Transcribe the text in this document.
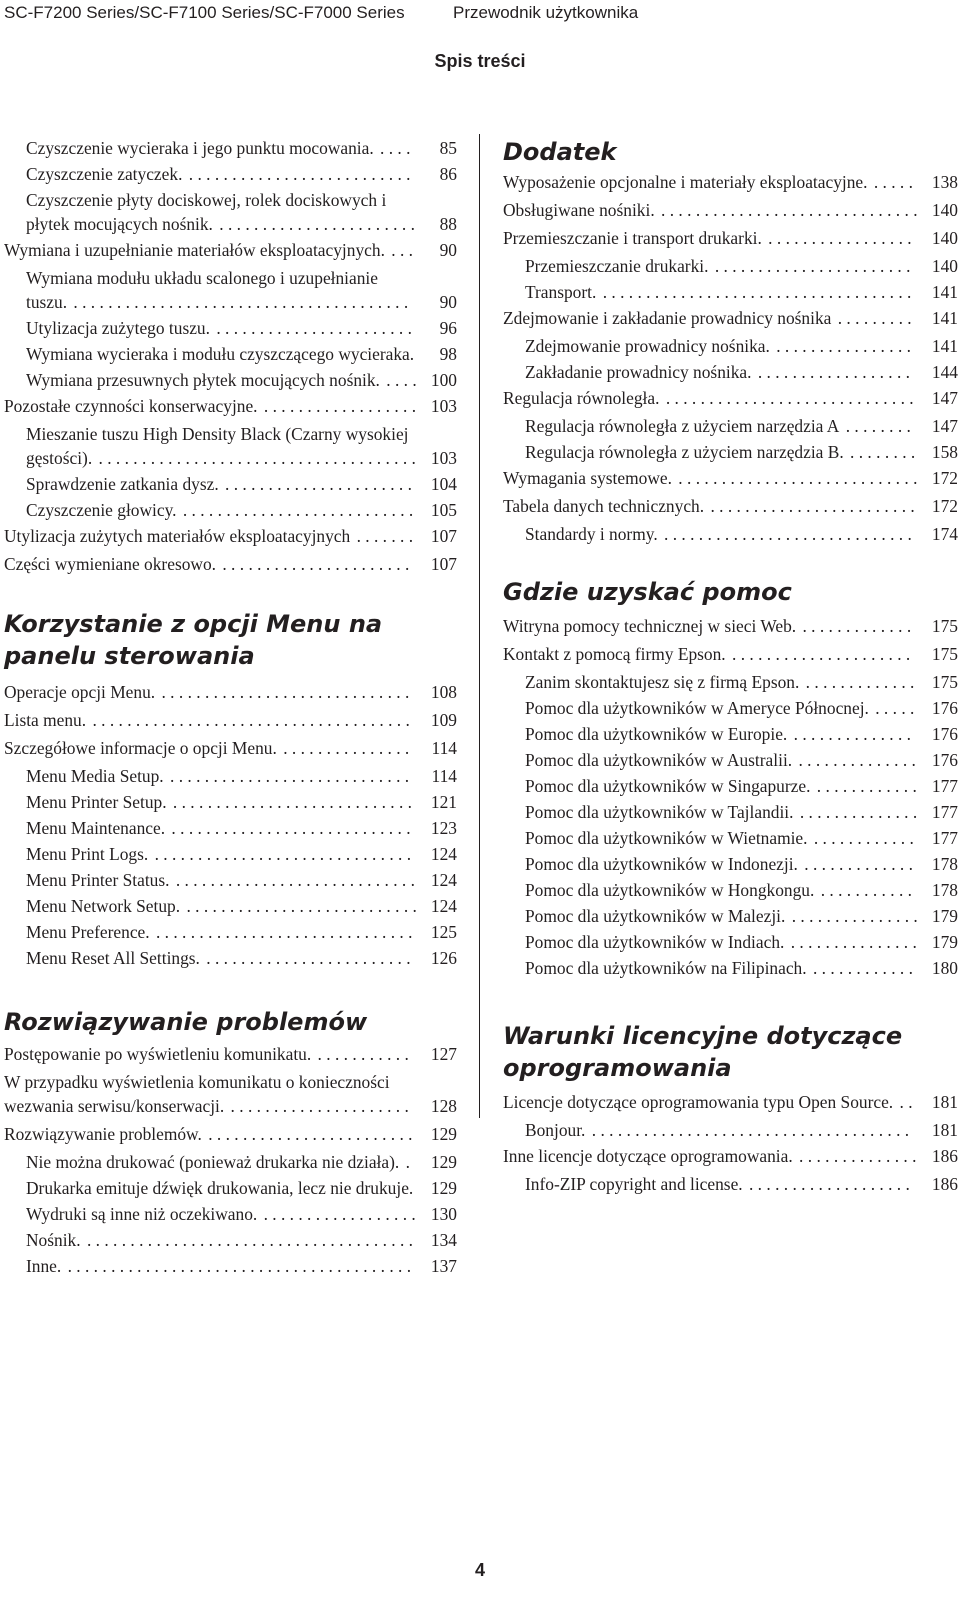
SC-F7200 Series/SC-F7100 Series/SC-F7000 Series	Przewodnik użytkownika
Spis treści
Czyszczenie wycieraka i jego punktu mocowania. . . . .	85
Czyszczenie zatyczek. . . . . . . . . . . . . . . . . . . . . . . . . . .	86
Czyszczenie płyty dociskowej, rolek dociskowych i płytek mocujących nośnik. . . . . . . . . . . . . . . . . . . . . . . .	88
Wymiana i uzupełnianie materiałów eksploatacyjnych. . . .	90
Wymiana modułu układu scalonego i uzupełnianie tuszu. . . . . . . . . . . . . . . . . . . . . . . . . . . . . . . . . . . . . . . .	90
Utylizacja zużytego tuszu. . . . . . . . . . . . . . . . . . . . . . . .	96
Wymiana wycieraka i modułu czyszczącego wycieraka.	98
Wymiana przesuwnych płytek mocujących nośnik. . . . . 100
Pozostałe czynności konserwacyjne. . . . . . . . . . . . . . . . . . . 103
Mieszanie tuszu High Density Black (Czarny wysokiej gęstości). . . . . . . . . . . . . . . . . . . . . . . . . . . . . . . . . . . . . . 103
Sprawdzenie zatkania dysz. . . . . . . . . . . . . . . . . . . . . . .	104
Czyszczenie głowicy. . . . . . . . . . . . . . . . . . . . . . . . . . . .	105
Utylizacja zużytych materiałów eksploatacyjnych . . . . . . .	107
Części wymieniane okresowo. . . . . . . . . . . . . . . . . . . . . . .	107
Korzystanie z opcji Menu na panelu sterowania
Operacje opcji Menu. . . . . . . . . . . . . . . . . . . . . . . . . . . . . .	108
Lista menu. . . . . . . . . . . . . . . . . . . . . . . . . . . . . . . . . . . . . .	109
Szczegółowe informacje o opcji Menu. . . . . . . . . . . . . . . .	114
Menu Media Setup. . . . . . . . . . . . . . . . . . . . . . . . . . . . .	114
Menu Printer Setup. . . . . . . . . . . . . . . . . . . . . . . . . . . . .	121
Menu Maintenance. . . . . . . . . . . . . . . . . . . . . . . . . . . . .	123
Menu Print Logs. . . . . . . . . . . . . . . . . . . . . . . . . . . . . . .	124
Menu Printer Status. . . . . . . . . . . . . . . . . . . . . . . . . . . . . 124
Menu Network Setup. . . . . . . . . . . . . . . . . . . . . . . . . . . . 124
Menu Preference. . . . . . . . . . . . . . . . . . . . . . . . . . . . . . .	125
Menu Reset All Settings. . . . . . . . . . . . . . . . . . . . . . . . .	126
Rozwiązywanie problemów
Postępowanie po wyświetleniu komunikatu. . . . . . . . . . . .	127
W przypadku wyświetlenia komunikatu o konieczności wezwania serwisu/konserwacji. . . . . . . . . . . . . . . . . . . . . .	128
Rozwiązywanie problemów. . . . . . . . . . . . . . . . . . . . . . . . .	129
Nie można drukować (ponieważ drukarka nie działa). .	129
Drukarka emituje dźwięk drukowania, lecz nie drukuje.	129
Wydruki są inne niż oczekiwano. . . . . . . . . . . . . . . . . . . 130
Nośnik. . . . . . . . . . . . . . . . . . . . . . . . . . . . . . . . . . . . . . .	134
Inne. . . . . . . . . . . . . . . . . . . . . . . . . . . . . . . . . . . . . . . . .	137
Dodatek
Wyposażenie opcjonalne i materiały eksploatacyjne. . . . . .	138
Obsługiwane nośniki. . . . . . . . . . . . . . . . . . . . . . . . . . . . . . . 140
Przemieszczanie i transport drukarki. . . . . . . . . . . . . . . . . .	140
Przemieszczanie drukarki. . . . . . . . . . . . . . . . . . . . . . . .	140
Transport. . . . . . . . . . . . . . . . . . . . . . . . . . . . . . . . . . . . .	141
Zdejmowanie i zakładanie prowadnicy nośnika . . . . . . . . .	141
Zdejmowanie prowadnicy nośnika. . . . . . . . . . . . . . . . .	141
Zakładanie prowadnicy nośnika. . . . . . . . . . . . . . . . . . .	144
Regulacja równoległa. . . . . . . . . . . . . . . . . . . . . . . . . . . . . .	147
Regulacja równoległa z użyciem narzędzia A . . . . . . . .	147
Regulacja równoległa z użyciem narzędzia B. . . . . . . . . 158
Wymagania systemowe. . . . . . . . . . . . . . . . . . . . . . . . . . . . . 172
Tabela danych technicznych. . . . . . . . . . . . . . . . . . . . . . . . . 172
Standardy i normy. . . . . . . . . . . . . . . . . . . . . . . . . . . . . .	174
Gdzie uzyskać pomoc
Witryna pomocy technicznej w sieci Web. . . . . . . . . . . . . .	175
Kontakt z pomocą firmy Epson. . . . . . . . . . . . . . . . . . . . . .	175
Zanim skontaktujesz się z firmą Epson. . . . . . . . . . . . . .	175
Pomoc dla użytkowników w Ameryce Północnej. . . . . .	176
Pomoc dla użytkowników w Europie. . . . . . . . . . . . . . .	176
Pomoc dla użytkowników w Australii. . . . . . . . . . . . . . . 176
Pomoc dla użytkowników w Singapurze. . . . . . . . . . . . . 177
Pomoc dla użytkowników w Tajlandii. . . . . . . . . . . . . . . 177
Pomoc dla użytkowników w Wietnamie. . . . . . . . . . . . .	177
Pomoc dla użytkowników w Indonezji. . . . . . . . . . . . . .	178
Pomoc dla użytkowników w Hongkongu. . . . . . . . . . . .	178
Pomoc dla użytkowników w Malezji. . . . . . . . . . . . . . . . 179
Pomoc dla użytkowników w Indiach. . . . . . . . . . . . . . . . 179
Pomoc dla użytkowników na Filipinach. . . . . . . . . . . . .	180
Warunki licencyjne dotyczące oprogramowania
Licencje dotyczące oprogramowania typu Open Source. . .	181
Bonjour. . . . . . . . . . . . . . . . . . . . . . . . . . . . . . . . . . . . . .	181
Inne licencje dotyczące oprogramowania. . . . . . . . . . . . . . . 186
Info-ZIP copyright and license. . . . . . . . . . . . . . . . . . . .	186
4
